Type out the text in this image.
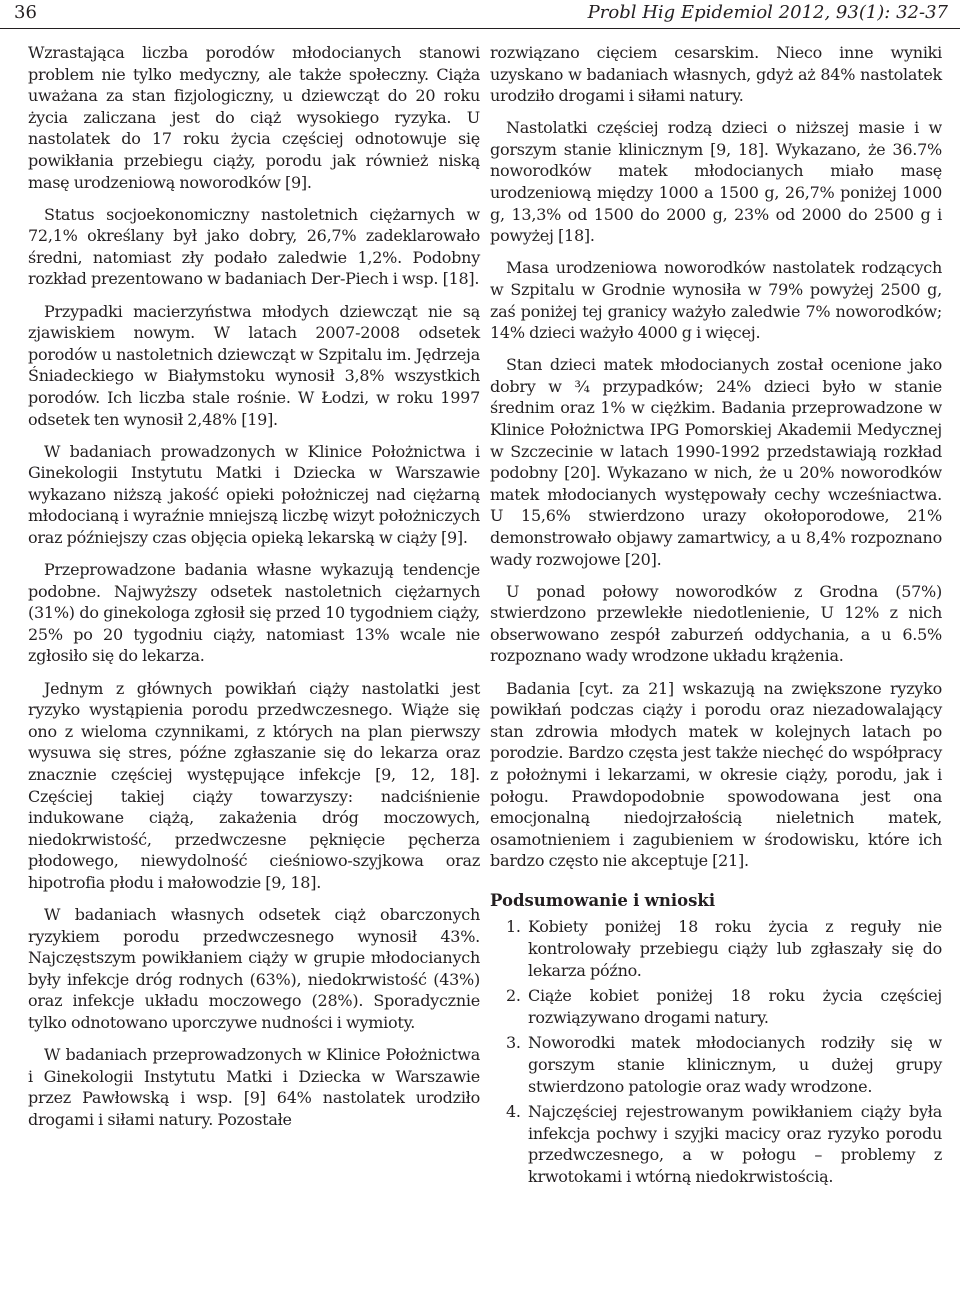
36	Probl Hig Epidemiol 2012, 93(1): 32-37

Wzrastająca liczba porodów młodocianych stanowi problem nie tylko medyczny, ale także społeczny. Ciąża uważana za stan fizjologiczny, u dziewcząt do 20 roku życia zaliczana jest do ciąż wysokiego ryzyka. U nastolatek do 17 roku życia częściej odnotowuje się powikłania przebiegu ciąży, porodu jak również niską masę urodzeniową noworodków [9].

Status socjoekonomiczny nastoletnich ciężarnych w 72,1% określany był jako dobry, 26,7% zadeklarowało średni, natomiast zły podało zaledwie 1,2%. Podobny rozkład prezentowano w badaniach Der-Piech i wsp. [18].

Przypadki macierzyństwa młodych dziewcząt nie są zjawiskiem nowym. W latach 2007-2008 odsetek porodów u nastoletnich dziewcząt w Szpitalu im. Jędrzeja Śniadeckiego w Białymstoku wynosił 3,8% wszystkich porodów. Ich liczba stale rośnie. W Łodzi, w roku 1997 odsetek ten wynosił 2,48% [19].

W badaniach prowadzonych w Klinice Położnictwa i Ginekologii Instytutu Matki i Dziecka w Warszawie wykazano niższą jakość opieki położniczej nad ciężarną młodocianą i wyraźnie mniejszą liczbę wizyt położniczych oraz późniejszy czas objęcia opieką lekarską w ciąży [9].

Przeprowadzone badania własne wykazują tendencje podobne. Najwyższy odsetek nastoletnich ciężarnych (31%) do ginekologa zgłosił się przed 10 tygodniem ciąży, 25% po 20 tygodniu ciąży, natomiast 13% wcale nie zgłosiło się do lekarza.

Jednym z głównych powikłań ciąży nastolatki jest ryzyko wystąpienia porodu przedwczesnego. Wiąże się ono z wieloma czynnikami, z których na plan pierwszy wysuwa się stres, późne zgłaszanie się do lekarza oraz znacznie częściej występujące infekcje [9, 12, 18]. Częściej takiej ciąży towarzyszy: nadciśnienie indukowane ciążą, zakażenia dróg moczowych, niedokrwistość, przedwczesne pęknięcie pęcherza płodowego, niewydolność cieśniowo-szyjkowa oraz hipotrofia płodu i małowodzie [9, 18].

W badaniach własnych odsetek ciąż obarczonych ryzykiem porodu przedwczesnego wynosił 43%. Najczęstszym powikłaniem ciąży w grupie młodocianych były infekcje dróg rodnych (63%), niedokrwistość (43%) oraz infekcje układu moczowego (28%). Sporadycznie tylko odnotowano uporczywe nudności i wymioty.

W badaniach przeprowadzonych w Klinice Położnictwa i Ginekologii Instytutu Matki i Dziecka w Warszawie przez Pawłowską i wsp. [9] 64% nastolatek urodziło drogami i siłami natury. Pozostałe

rozwiązano cięciem cesarskim. Nieco inne wyniki uzyskano w badaniach własnych, gdyż aż 84% nastolatek urodziło drogami i siłami natury.

Nastolatki częściej rodzą dzieci o niższej masie i w gorszym stanie klinicznym [9, 18]. Wykazano, że 36.7% noworodków matek młodocianych miało masę urodzeniową między 1000 a 1500 g, 26,7% poniżej 1000 g, 13,3% od 1500 do 2000 g, 23% od 2000 do 2500 g i powyżej [18].

Masa urodzeniowa noworodków nastolatek rodzących w Szpitalu w Grodnie wynosiła w 79% powyżej 2500 g, zaś poniżej tej granicy ważyło zaledwie 7% noworodków; 14% dzieci ważyło 4000 g i więcej.

Stan dzieci matek młodocianych został ocenione jako dobry w ¾ przypadków; 24% dzieci było w stanie średnim oraz 1% w ciężkim. Badania przeprowadzone w Klinice Położnictwa IPG Pomorskiej Akademii Medycznej w Szczecinie w latach 1990-1992 przedstawiają rozkład podobny [20]. Wykazano w nich, że u 20% noworodków matek młodocianych występowały cechy wcześniactwa. U 15,6% stwierdzono urazy okołoporodowe, 21% demonstrowało objawy zamartwicy, a u 8,4% rozpoznano wady rozwojowe [20].

U ponad połowy noworodków z Grodna (57%) stwierdzono przewlekłe niedotlenienie, U 12% z nich obserwowano zespół zaburzeń oddychania, a u 6.5% rozpoznano wady wrodzone układu krążenia.

Badania [cyt. za 21] wskazują na zwiększone ryzyko powikłań podczas ciąży i porodu oraz niezadowalający stan zdrowia młodych matek w kolejnych latach po porodzie. Bardzo częsta jest także niechęć do współpracy z położnymi i lekarzami, w okresie ciąży, porodu, jak i połogu. Prawdopodobnie spowodowana jest ona emocjonalną niedojrzałością nieletnich matek, osamotnieniem i zagubieniem w środowisku, które ich bardzo często nie akceptuje [21].

Podsumowanie i wnioski
1. Kobiety poniżej 18 roku życia z reguły nie kontrolowały przebiegu ciąży lub zgłaszały się do lekarza późno.
2. Ciąże kobiet poniżej 18 roku życia częściej rozwiązywano drogami natury.
3. Noworodki matek młodocianych rodziły się w gorszym stanie klinicznym, u dużej grupy stwierdzono patologie oraz wady wrodzone.
4. Najczęściej rejestrowanym powikłaniem ciąży była infekcja pochwy i szyjki macicy oraz ryzyko porodu przedwczesnego, a w połogu – problemy z krwotokami i wtórną niedokrwistością.
